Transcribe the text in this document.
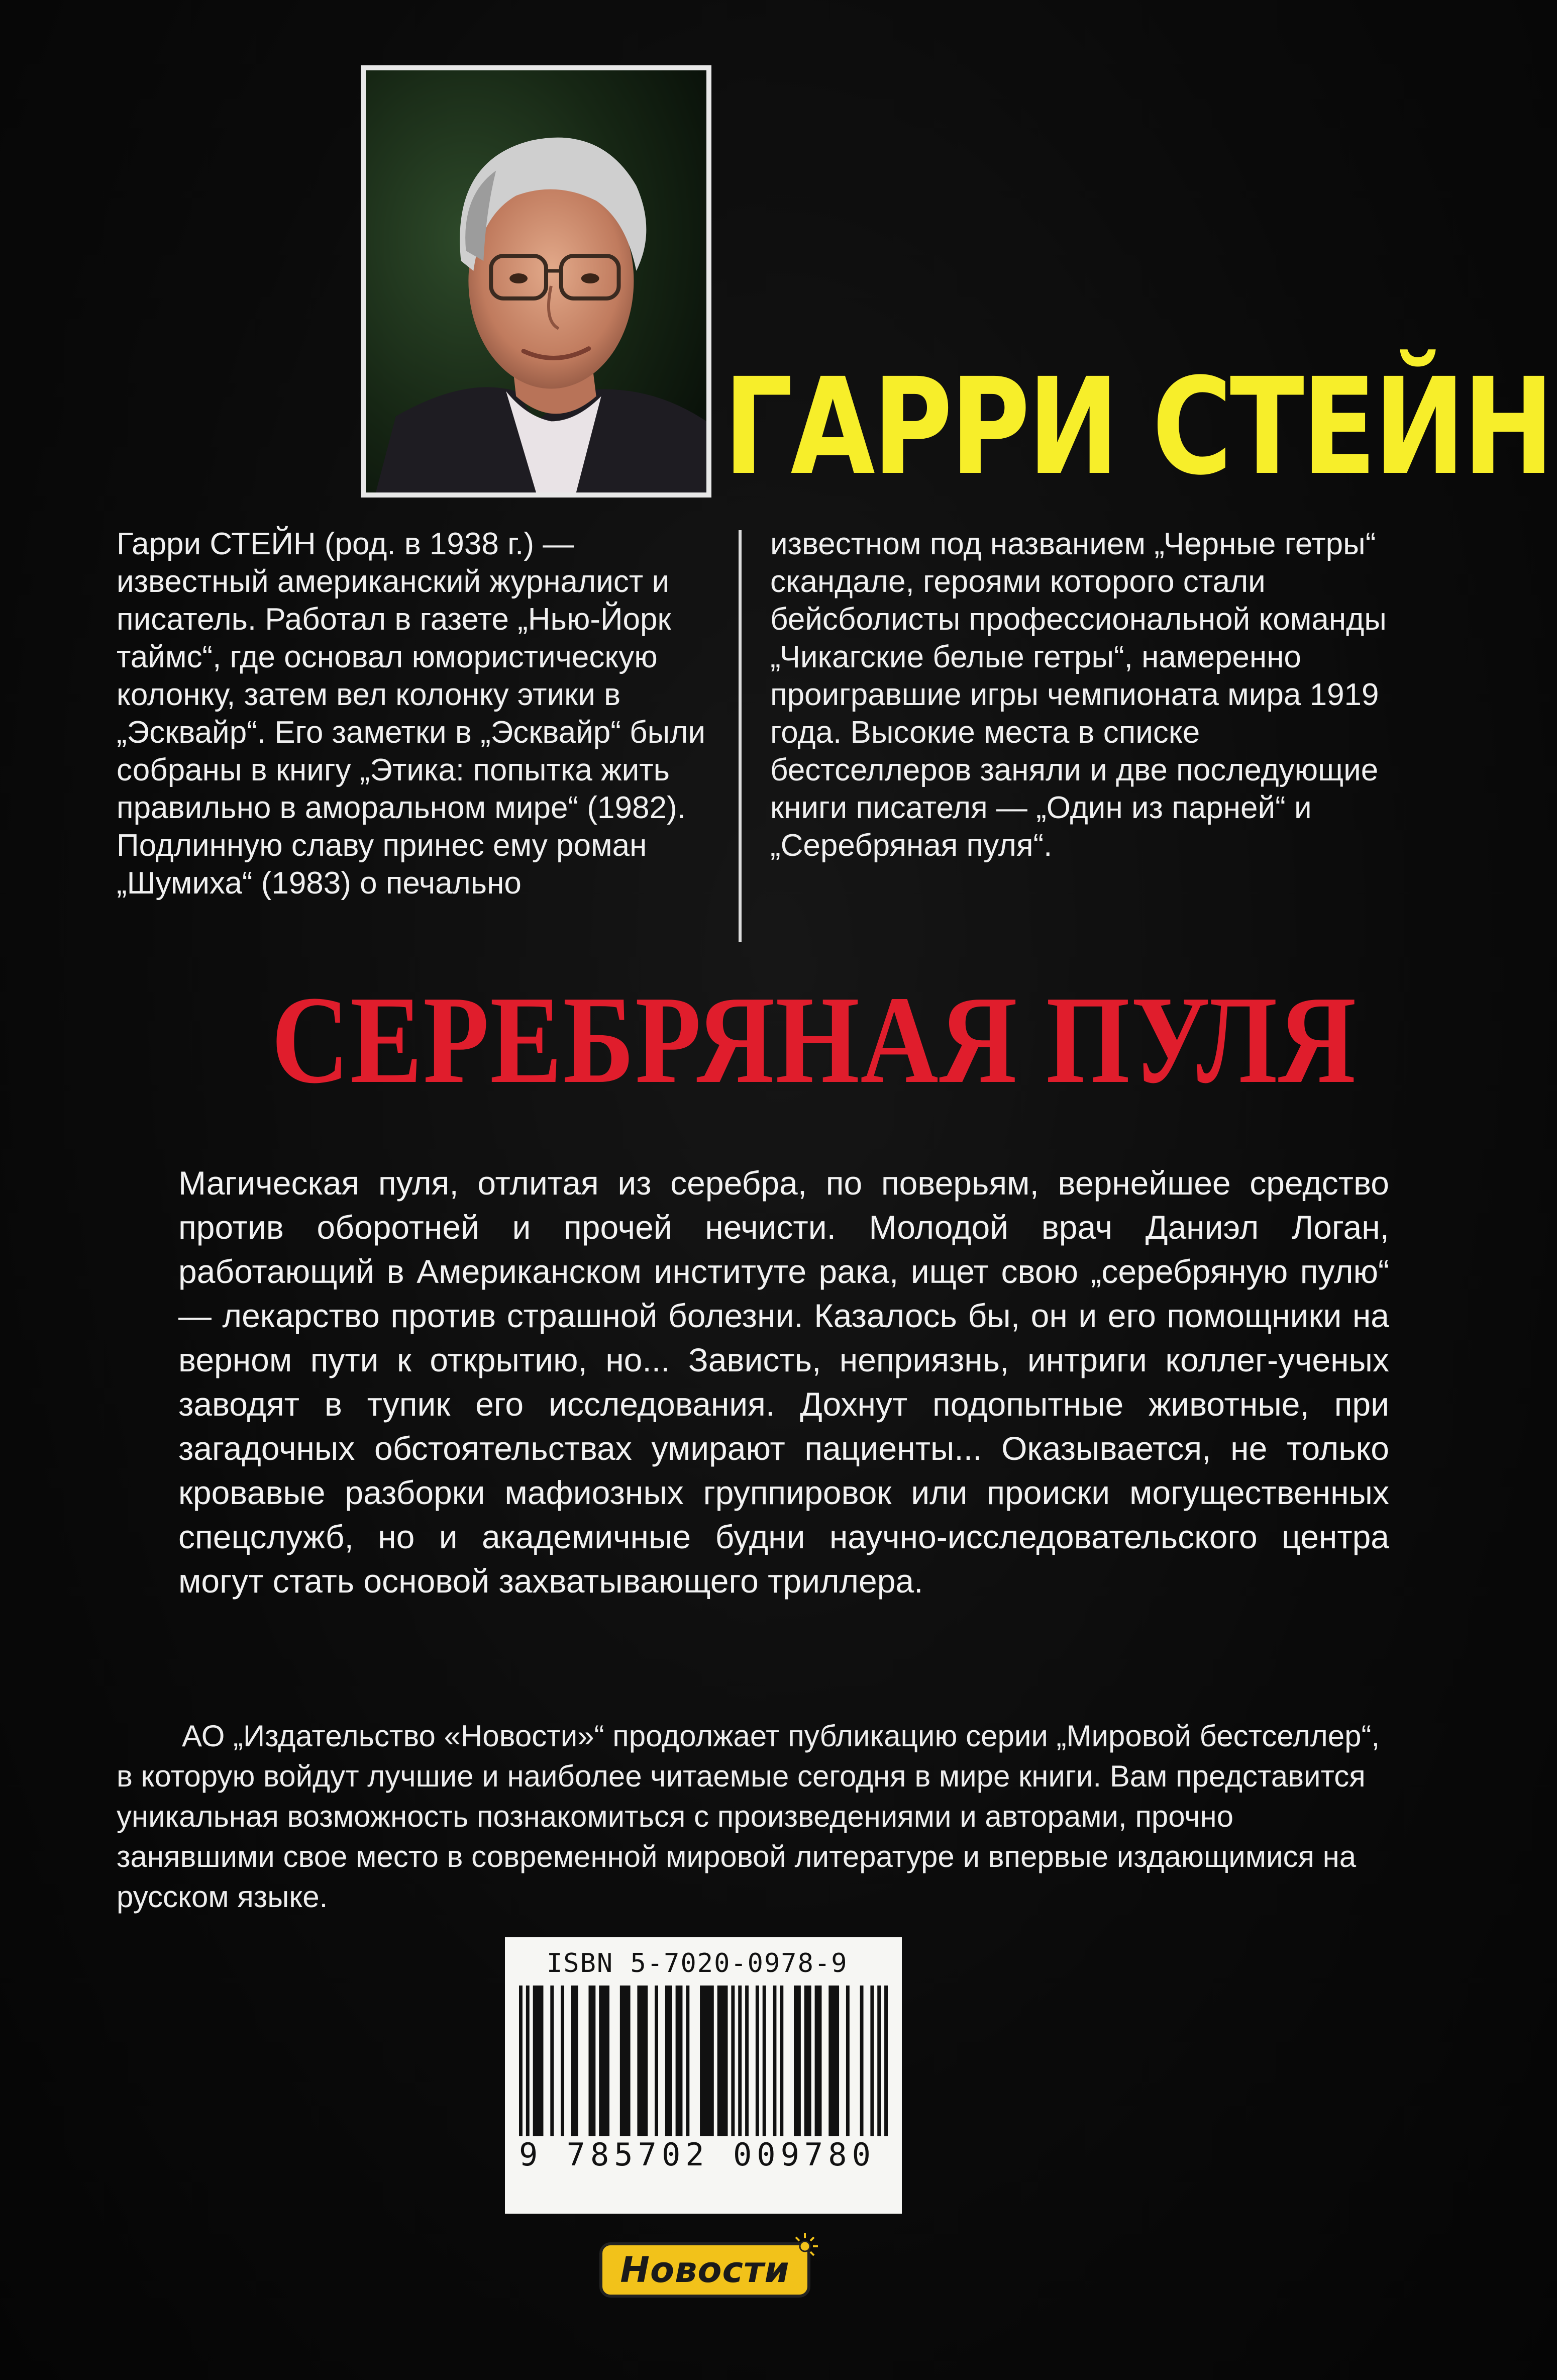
ГАРРИ СТЕЙН
Гарри СТЕЙН (род. в 1938 г.) — известный американский журналист и писатель. Работал в газете „Нью-Йорк таймс“, где основал юмористическую колонку, затем вел колонку этики в „Эсквайр“. Его заметки в „Эсквайр“ были собраны в книгу „Этика: попытка жить правильно в аморальном мире“ (1982). Подлинную славу принес ему роман „Шумиха“ (1983) о печально
известном под названием „Черные гетры“ скандале, героями которого стали бейсболисты профессиональной команды „Чикагские белые гетры“, намеренно проигравшие игры чемпионата мира 1919 года. Высокие места в списке бестселлеров заняли и две последующие книги писателя — „Один из парней“ и „Серебряная пуля“.
СЕРЕБРЯНАЯ ПУЛЯ
Магическая пуля, отлитая из серебра, по поверьям, вернейшее средство против оборотней и прочей нечисти. Молодой врач Даниэл Логан, работающий в Американском институте рака, ищет свою „серебряную пулю“ — лекарство против страшной болезни. Казалось бы, он и его помощники на верном пути к открытию, но... Зависть, неприязнь, интриги коллег-ученых заводят в тупик его исследования. Дохнут подопытные животные, при загадочных обстоятельствах умирают пациенты... Оказывается, не только кровавые разборки мафиозных группировок или происки могущественных спецслужб, но и академичные будни научно-исследовательского центра могут стать основой захватывающего триллера.
АО „Издательство «Новости»“ продолжает публикацию серии „Мировой бестселлер“, в которую войдут лучшие и наиболее читаемые сегодня в мире книги. Вам представится уникальная возможность познакомиться с произведениями и авторами, прочно занявшими свое место в современной мировой литературе и впервые издающимися на русском языке.
ISBN 5-7020-0978-9
9 785702 009780
Новости
